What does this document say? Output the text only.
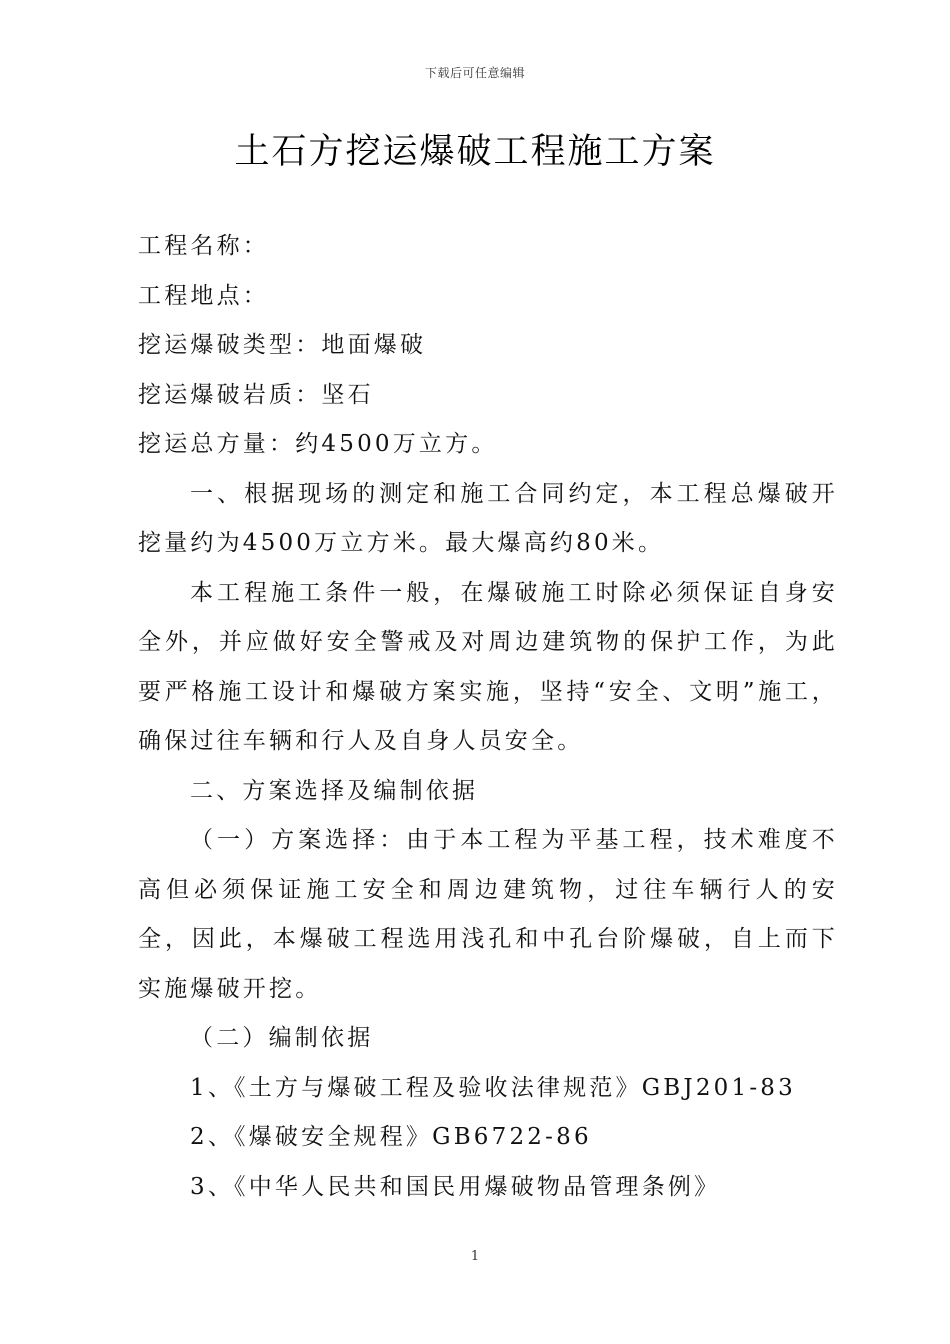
下载后可任意编辑
土石方挖运爆破工程施工方案

工程名称：

工程地点：

挖运爆破类型：地面爆破

挖运爆破岩质：坚石

挖运总方量：约4500万立方。

一、根据现场的测定和施工合同约定，本工程总爆破开挖量约为4500万立方米。最大爆高约80米。

本工程施工条件一般，在爆破施工时除必须保证自身安全外，并应做好安全警戒及对周边建筑物的保护工作，为此要严格施工设计和爆破方案实施，坚持“安全、文明”施工，确保过往车辆和行人及自身人员安全。

二、方案选择及编制依据

（一）方案选择：由于本工程为平基工程，技术难度不高但必须保证施工安全和周边建筑物，过往车辆行人的安全，因此，本爆破工程选用浅孔和中孔台阶爆破，自上而下实施爆破开挖。

（二）编制依据

1、《土方与爆破工程及验收法律规范》GBJ201-83

2、《爆破安全规程》GB6722-86

3、《中华人民共和国民用爆破物品管理条例》

1
